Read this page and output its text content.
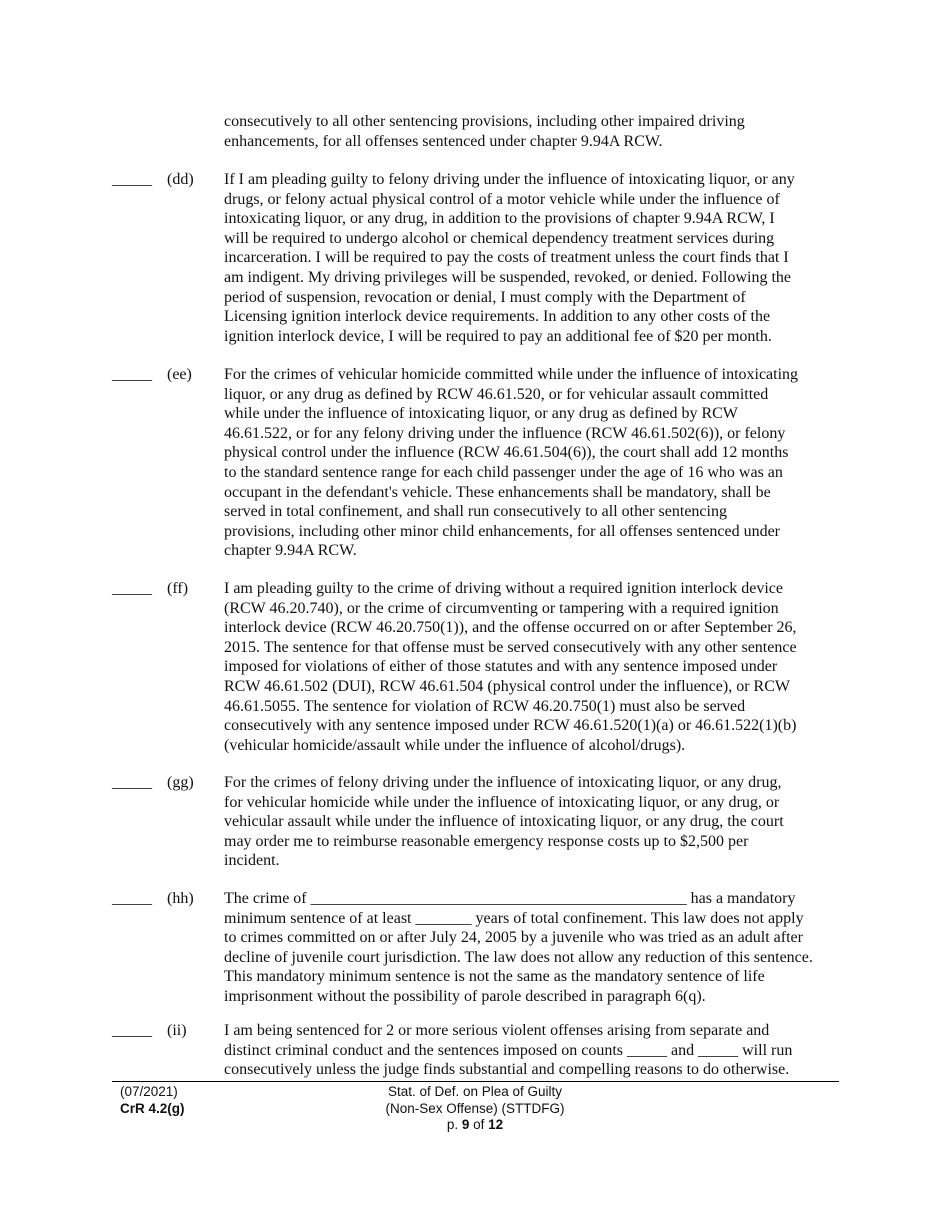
consecutively to all other sentencing provisions, including other impaired driving
enhancements, for all offenses sentenced under chapter 9.94A RCW.
_____ (dd) If I am pleading guilty to felony driving under the influence of intoxicating liquor, or any
drugs, or felony actual physical control of a motor vehicle while under the influence of
intoxicating liquor, or any drug, in addition to the provisions of chapter 9.94A RCW, I
will be required to undergo alcohol or chemical dependency treatment services during
incarceration. I will be required to pay the costs of treatment unless the court finds that I
am indigent. My driving privileges will be suspended, revoked, or denied. Following the
period of suspension, revocation or denial, I must comply with the Department of
Licensing ignition interlock device requirements. In addition to any other costs of the
ignition interlock device, I will be required to pay an additional fee of $20 per month.
_____ (ee) For the crimes of vehicular homicide committed while under the influence of intoxicating
liquor, or any drug as defined by RCW 46.61.520, or for vehicular assault committed
while under the influence of intoxicating liquor, or any drug as defined by RCW
46.61.522, or for any felony driving under the influence (RCW 46.61.502(6)), or felony
physical control under the influence (RCW 46.61.504(6)), the court shall add 12 months
to the standard sentence range for each child passenger under the age of 16 who was an
occupant in the defendant's vehicle. These enhancements shall be mandatory, shall be
served in total confinement, and shall run consecutively to all other sentencing
provisions, including other minor child enhancements, for all offenses sentenced under
chapter 9.94A RCW.
_____ (ff) I am pleading guilty to the crime of driving without a required ignition interlock device
(RCW 46.20.740), or the crime of circumventing or tampering with a required ignition
interlock device (RCW 46.20.750(1)), and the offense occurred on or after September 26,
2015. The sentence for that offense must be served consecutively with any other sentence
imposed for violations of either of those statutes and with any sentence imposed under
RCW 46.61.502 (DUI), RCW 46.61.504 (physical control under the influence), or RCW
46.61.5055. The sentence for violation of RCW 46.20.750(1) must also be served
consecutively with any sentence imposed under RCW 46.61.520(1)(a) or 46.61.522(1)(b)
(vehicular homicide/assault while under the influence of alcohol/drugs).
_____ (gg) For the crimes of felony driving under the influence of intoxicating liquor, or any drug,
for vehicular homicide while under the influence of intoxicating liquor, or any drug, or
vehicular assault while under the influence of intoxicating liquor, or any drug, the court
may order me to reimburse reasonable emergency response costs up to $2,500 per
incident.
_____ (hh) The crime of _______________________________________________ has a mandatory
minimum sentence of at least _______ years of total confinement. This law does not apply
to crimes committed on or after July 24, 2005 by a juvenile who was tried as an adult after
decline of juvenile court jurisdiction. The law does not allow any reduction of this sentence.
This mandatory minimum sentence is not the same as the mandatory sentence of life
imprisonment without the possibility of parole described in paragraph 6(q).
_____ (ii) I am being sentenced for 2 or more serious violent offenses arising from separate and
distinct criminal conduct and the sentences imposed on counts _____ and _____ will run
consecutively unless the judge finds substantial and compelling reasons to do otherwise.
(07/2021)
CrR 4.2(g)
Stat. of Def. on Plea of Guilty
(Non-Sex Offense) (STTDFG)
p. 9 of 12
